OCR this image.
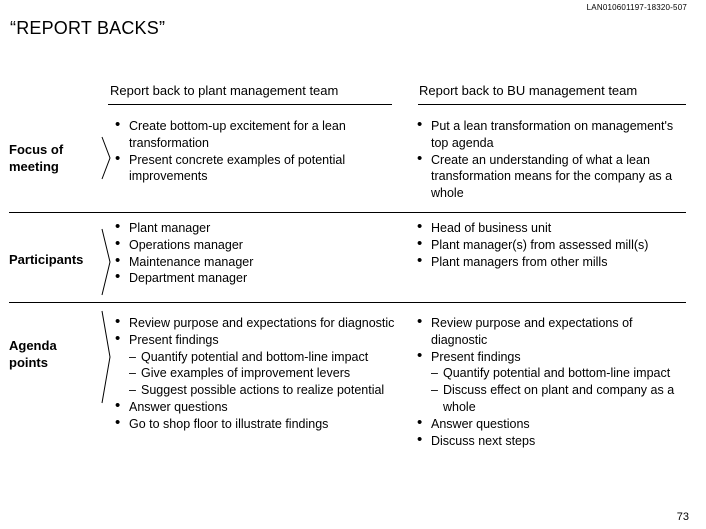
LAN010601197-18320-507
“REPORT BACKS”
Report back to plant management team	Report back to BU management team
Focus of meeting
• Create bottom-up excitement for a lean transformation
• Present concrete examples of potential improvements
• Put a lean transformation on management's top agenda
• Create an understanding of what a lean transformation means for the company as a whole
Participants
• Plant manager
• Operations manager
• Maintenance manager
• Department manager
• Head of business unit
• Plant manager(s) from assessed mill(s)
• Plant managers from other mills
Agenda points
• Review purpose and expectations for diagnostic
• Present findings
– Quantify potential and bottom-line impact
– Give examples of improvement levers
– Suggest possible actions to realize potential
• Answer questions
• Go to shop floor to illustrate findings
• Review purpose and expectations of diagnostic
• Present findings
– Quantify potential and bottom-line impact
– Discuss effect on plant and company as a whole
• Answer questions
• Discuss next steps
73
